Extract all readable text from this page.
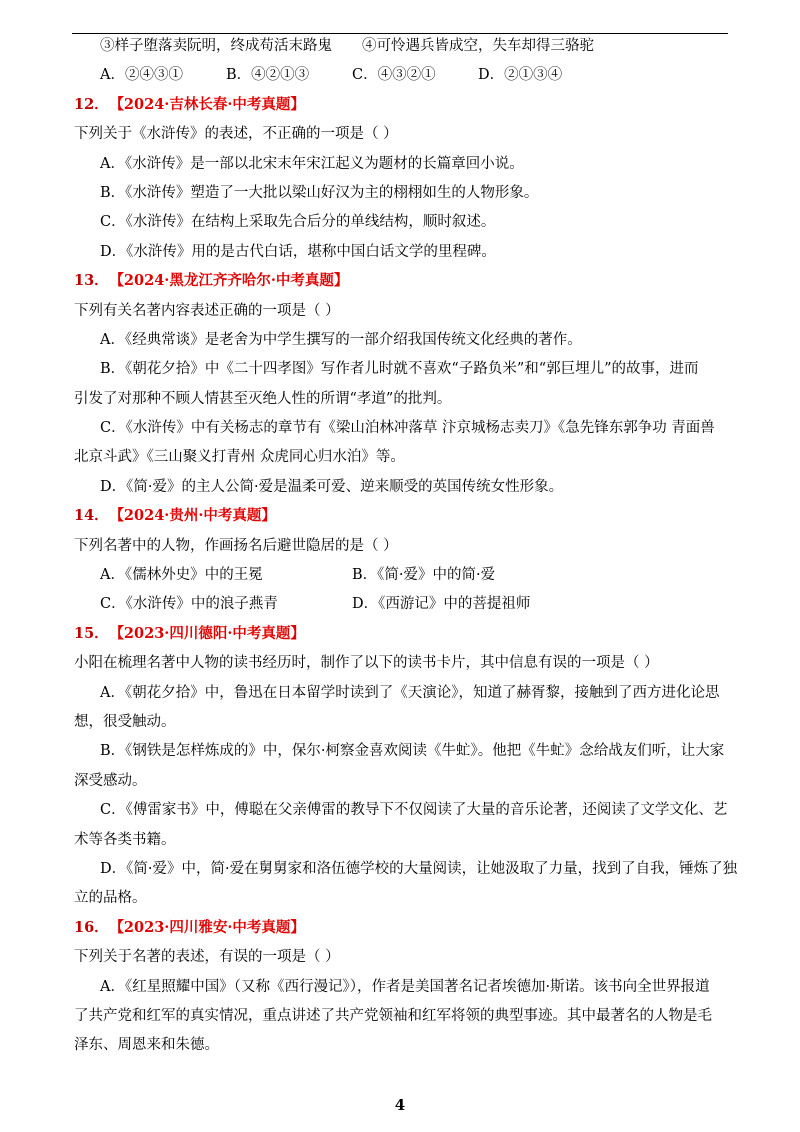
③样子堕落卖阮明，终成苟活末路鬼 ④可怜遇兵皆成空，失车却得三骆驼
A．②④③①	B．④②①③	C．④③②①	D．②①③④
12． 【2024·吉林长春·中考真题】
下列关于《水浒传》的表述，不正确的一项是（ ）
A．《水浒传》是一部以北宋末年宋江起义为题材的长篇章回小说。
B．《水浒传》塑造了一大批以梁山好汉为主的栩栩如生的人物形象。
C．《水浒传》在结构上采取先合后分的单线结构，顺时叙述。
D．《水浒传》用的是古代白话，堪称中国白话文学的里程碑。
13． 【2024·黑龙江齐齐哈尔·中考真题】
下列有关名著内容表述正确的一项是（ ）
A．《经典常谈》是老舍为中学生撰写的一部介绍我国传统文化经典的著作。
B．《朝花夕拾》中《二十四孝图》写作者儿时就不喜欢“子路负米”和“郭巨埋儿”的故事，进而
引发了对那种不顾人情甚至灭绝人性的所谓“孝道”的批判。
C．《水浒传》中有关杨志的章节有《梁山泊林冲落草 汴京城杨志卖刀》《急先锋东郭争功 青面兽
北京斗武》《三山聚义打青州 众虎同心归水泊》等。
D．《简·爱》的主人公简·爱是温柔可爱、逆来顺受的英国传统女性形象。
14． 【2024·贵州·中考真题】
下列名著中的人物，作画扬名后避世隐居的是（ ）
A．《儒林外史》中的王冕	B．《简·爱》中的简·爱
C．《水浒传》中的浪子燕青	D．《西游记》中的菩提祖师
15． 【2023·四川德阳·中考真题】
小阳在梳理名著中人物的读书经历时，制作了以下的读书卡片，其中信息有误的一项是（ ）
A．《朝花夕拾》中，鲁迅在日本留学时读到了《天演论》，知道了赫胥黎，接触到了西方进化论思
想，很受触动。
B．《钢铁是怎样炼成的》中，保尔·柯察金喜欢阅读《牛虻》。他把《牛虻》念给战友们听，让大家
深受感动。
C．《傅雷家书》中，傅聪在父亲傅雷的教导下不仅阅读了大量的音乐论著，还阅读了文学文化、艺
术等各类书籍。
D．《简·爱》中，简·爱在舅舅家和洛伍德学校的大量阅读，让她汲取了力量，找到了自我，锤炼了独
立的品格。
16． 【2023·四川雅安·中考真题】
下列关于名著的表述，有误的一项是（ ）
A．《红星照耀中国》（又称《西行漫记》），作者是美国著名记者埃德加·斯诺。该书向全世界报道
了共产党和红军的真实情况，重点讲述了共产党领袖和红军将领的典型事迹。其中最著名的人物是毛
泽东、周恩来和朱德。
4
